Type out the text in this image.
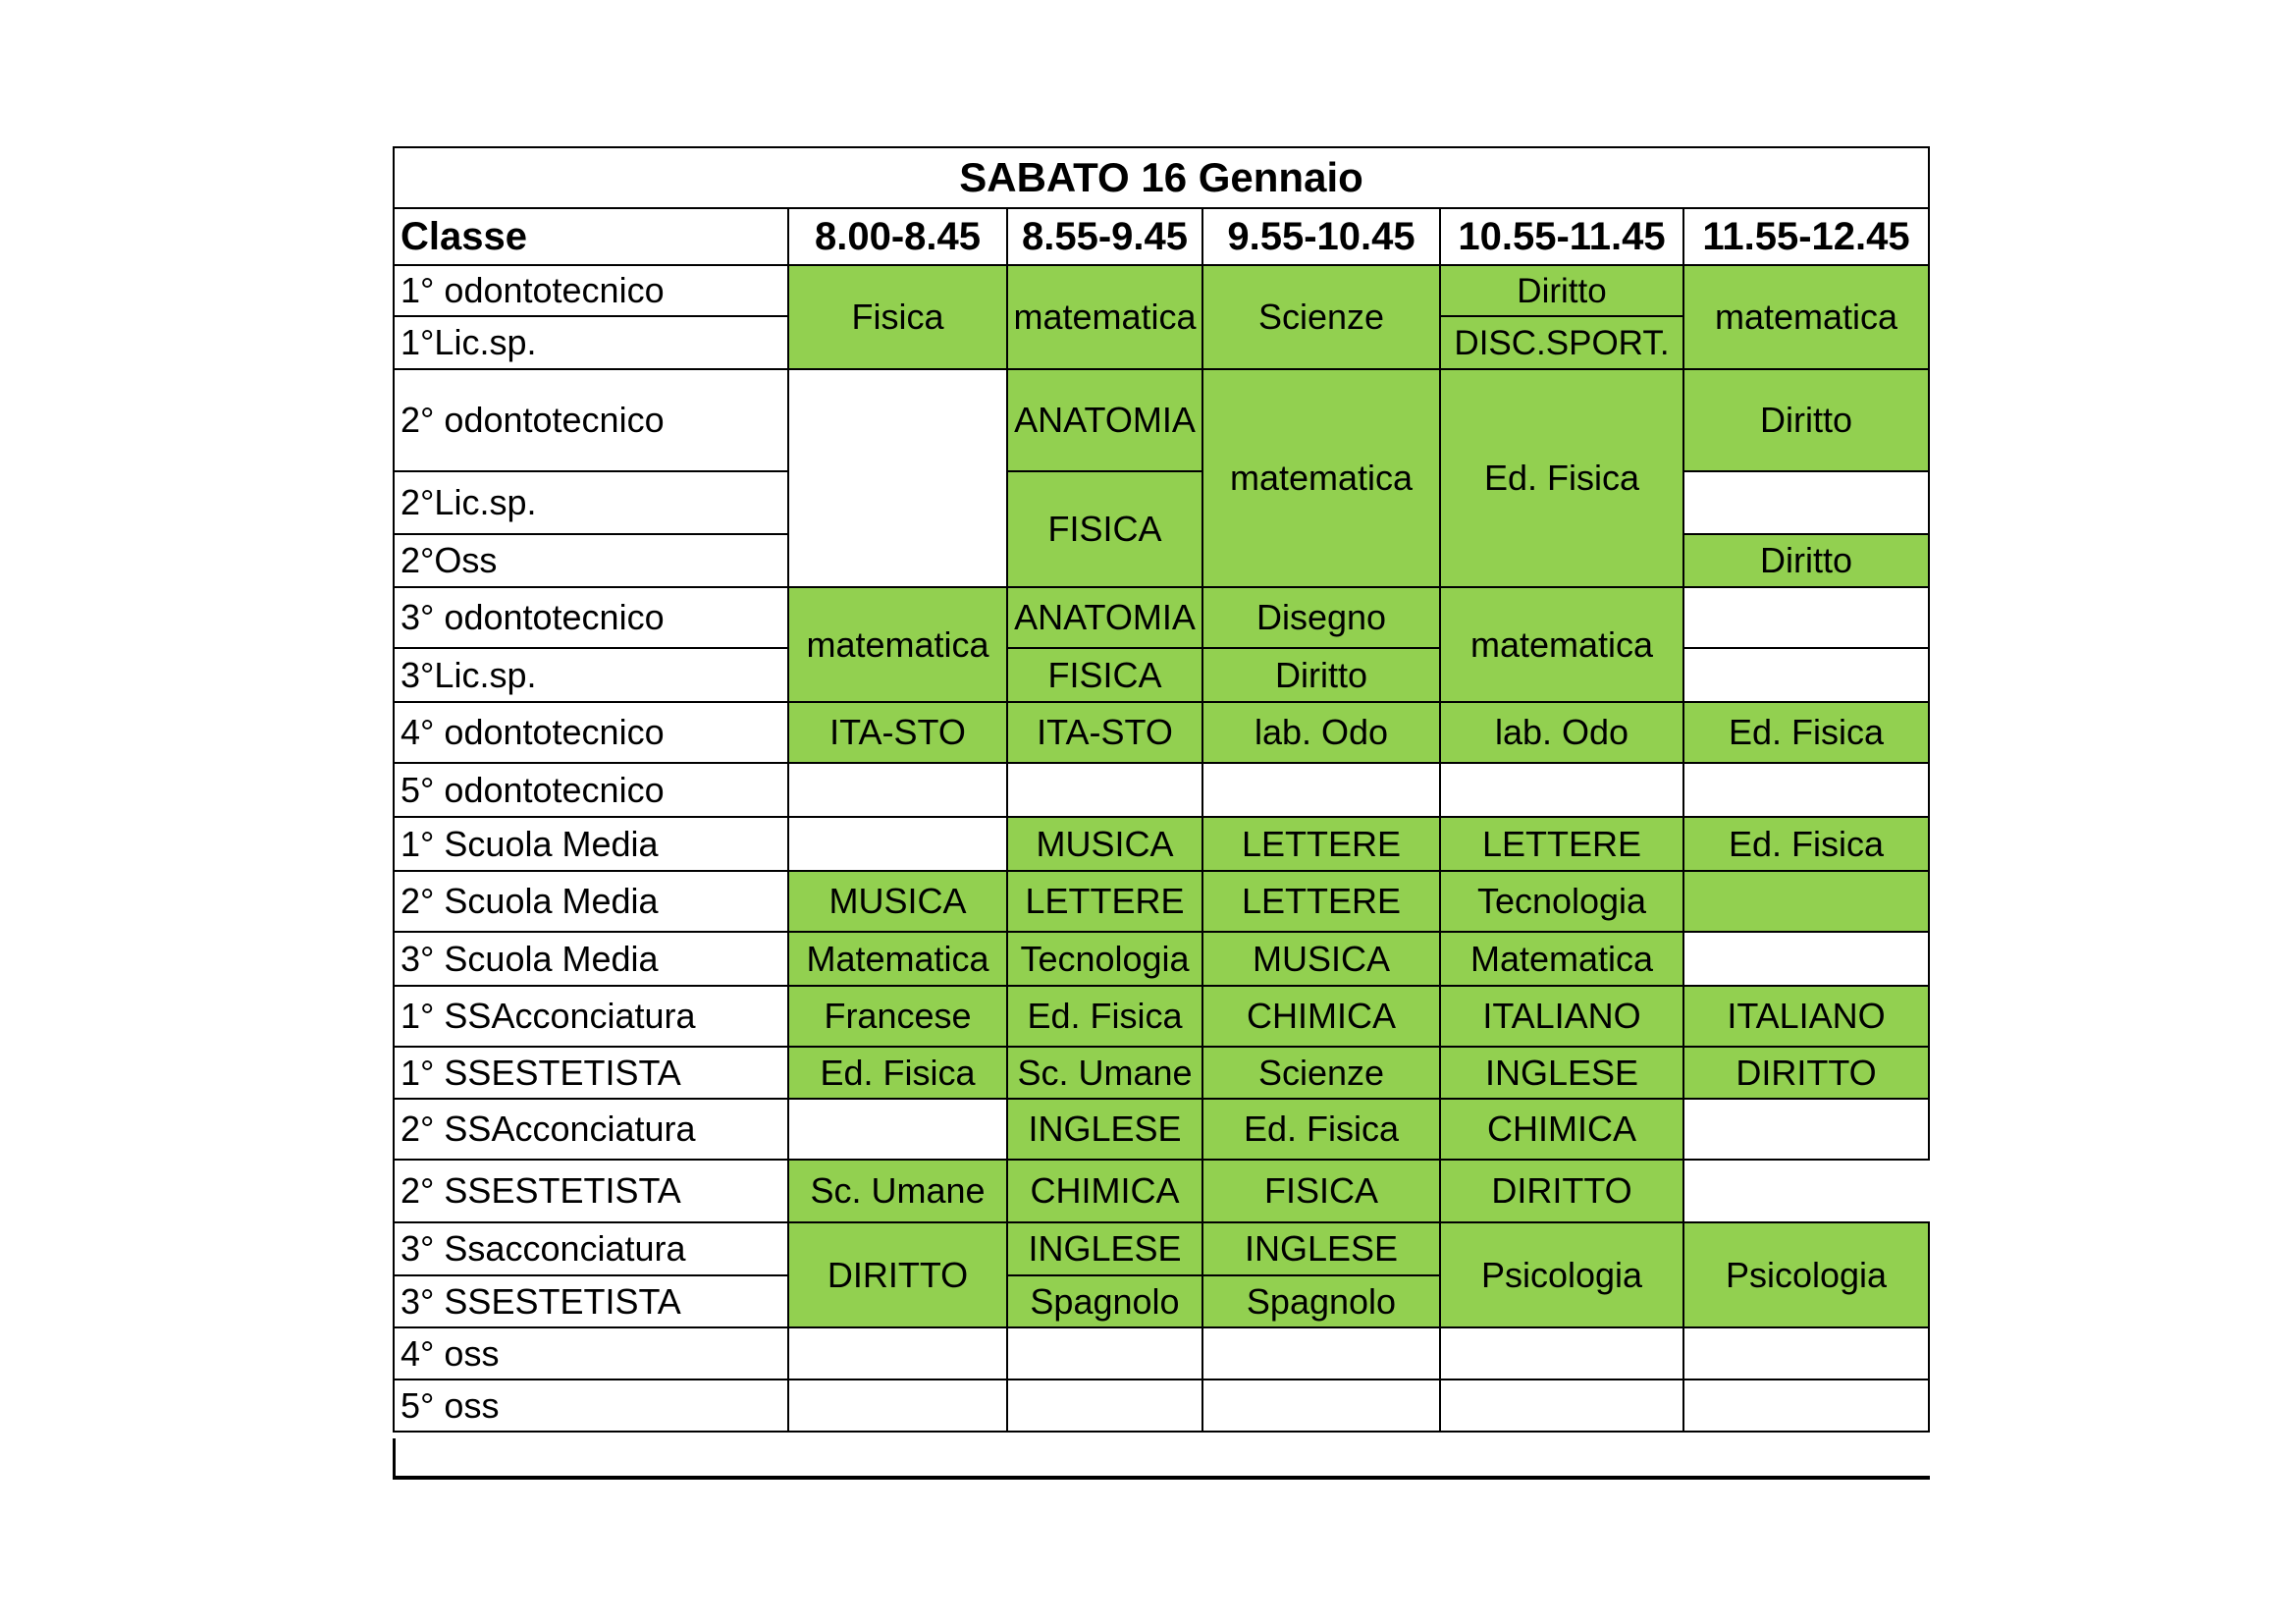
SABATO 16 Gennaio					
Classe	8.00-8.45	8.55-9.45	9.55-10.45	10.55-11.45	11.55-12.45
1° odontotecnico	Fisica	matematica	Scienze	Diritto	matematica
1°Lic.sp.				DISC.SPORT.	
2° odontotecnico		ANATOMIA	matematica	Ed. Fisica	Diritto
2°Lic.sp.		FISICA			
2°Oss					Diritto
3° odontotecnico	matematica	ANATOMIA	Disegno	matematica	
3°Lic.sp.		FISICA	Diritto		
4° odontotecnico	ITA-STO	ITA-STO	lab. Odo	lab. Odo	Ed. Fisica
5° odontotecnico					
1° Scuola Media		MUSICA	LETTERE	LETTERE	Ed. Fisica
2° Scuola Media	MUSICA	LETTERE	LETTERE	Tecnologia	
3° Scuola Media	Matematica	Tecnologia	MUSICA	Matematica	
1° SSAcconciatura	Francese	Ed. Fisica	CHIMICA	ITALIANO	ITALIANO
1° SSESTETISTA	Ed. Fisica	Sc. Umane	Scienze	INGLESE	DIRITTO
2° SSAcconciatura		INGLESE	Ed. Fisica	CHIMICA	
2° SSESTETISTA	Sc. Umane	CHIMICA	FISICA	DIRITTO	
3° Ssacconciatura	DIRITTO	INGLESE	INGLESE	Psicologia	Psicologia
3° SSESTETISTA		Spagnolo	Spagnolo		
4° oss					
5° oss					
